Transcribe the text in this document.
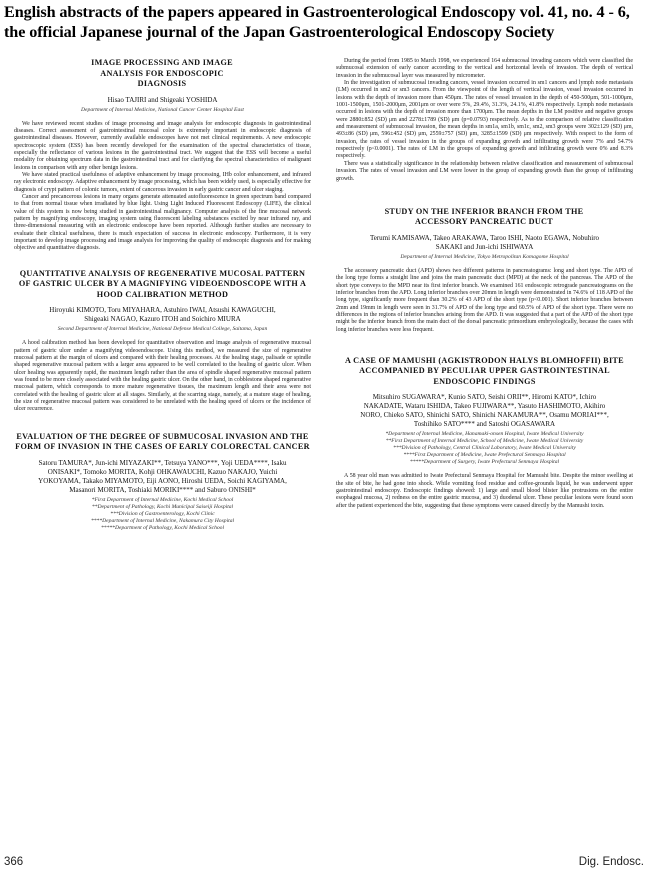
English abstracts of the papers appeared in Gastroenterological Endoscopy vol. 41, no. 4 - 6, the official Japanese journal of the Japan Gastroenterological Endoscopy Society
IMAGE PROCESSING AND IMAGE ANALYSIS FOR ENDOSCOPIC DIAGNOSIS
Hisao TAJIRI and Shigeaki YOSHIDA
Department of Internal Medicine, National Cancer Center Hospital East

We have reviewed recent studies of image processing and image analysis for endoscopic diagnosis in gastrointestinal diseases. Correct assessment of gastrointestinal mucosal color is extremely important in endoscopic diagnosis of gastrointestinal diseases. However, currently available endoscopes have not met clinical requirements. A new endoscopic spectroscopic system (ESS) has been recently developed for the examination of the spectral characteristics of tissue, especially the reflectance of various lesions in the gastrointestinal tract. We suggest that the ESS will become a useful modality for obtaining spectrum data in the gastrointestinal tract and for clarifying the spectral characteristics of malignant lesions in comparison with any other benign lesions.

We have stated practical usefulness of adaptive enhancement by image processing, IHb color enhancement, and infrared ray electronic endoscopy. Adaptive enhancement by image processing, which has been widely used, is especially effective for diagnosis of crypt pattern of colonic tumors, extent of cancerous invasion in early gastric cancer and ulcer staging.

Cancer and precancerous lesions in many organs generate attenuated autofluorescence in green spectrum band compared to that from normal tissue when irradiated by blue light. Using Light Induced Fluorescent Endoscopy (LIFE), the clinical value of this system is now being studied in gastrointestinal malignancy. Computer analysis of the fine mucosal network pattern by magnifying endoscopy, imaging system using fluorescent labeling substances excited by near infrared ray, and three-dimensional measuring with an electronic endoscope have been reported. Although further studies are necessary to evaluate their clinical usefulness, there is much expectation of success in electronic endoscopy. Furthermore, it is very important to develop image processing and image analysis for improving the quality of endoscopic diagnosis and for making objective and quantitative diagnosis.

QUANTITATIVE ANALYSIS OF REGENERATIVE MUCOSAL PATTERN OF GASTRIC ULCER BY A MAGNIFYING VIDEOENDOSCOPE WITH A HOOD CALIBRATION METHOD
Hiroyuki KIMOTO, Toru MIYAHARA, Astuhiro IWAI, Atsushi KAWAGUCHI, Shigeaki NAGAO, Kazuro ITOH and Soichiro MIURA
Second Department of Internal Medicine, National Defense Medical College, Saitama, Japan

A hood calibration method has been developed for quantitative observation and image analysis of regenerative mucosal pattern of gastric ulcer under a magnifying videoendoscope. Using this method, we measured the size of regenerative mucosal pattern at the margin of ulcers and compared with their healing processes. At the healing stage, palisade or spindle shaped regenerative mucosal pattern with a larger area appeared to be well correlated to the healing of gastric ulcer. When ulcer healing was apparently rapid, the maximum length rather than the area of spindle shaped regenerative mucosal pattern was found to be more closely associated with the healing gastric ulcer. On the other hand, in cobblestone shaped regenerative mucosal pattern, which corresponds to more mature regenerative tissues, the maximum length and their area were not correlated with the healing of gastric ulcer at all stages. Similarly, at the scarring stage, namely, at a mature stage of healing, the size of regenerative mucosal pattern was considered to be unrelated with the healing speed of ulcers or the incidence of ulcer recurrence.

EVALUATION OF THE DEGREE OF SUBMUCOSAL INVASION AND THE FORM OF INVASION IN THE CASES OF EARLY COLORECTAL CANCER
Satoru TAMURA*, Jun-ichi MIYAZAKI**, Tetsuya YANO***, Yoji UEDA****, Isaku ONISAKI*, Tomoko MORITA, Kohji OHKAWAUCHI, Kazuo NAKAJO, Yuichi YOKOYAMA, Takako MIYAMOTO, Eiji AONO, Hiroshi UEDA, Soichi KAGIYAMA, Masanori MORITA, Toshiaki MORIKI**** and Saburo ONISHI*
*First Department of Internal Medicine, Kochi Medical School
**Department of Pathology, Kochi Municipal Saiseiji Hospital
***Division of Gastroenterology, Kochi Clinic
****Department of Internal Medicine, Nakamura City Hospital
*****Department of Pathology, Kochi Medical School

During the period from 1985 to March 1998, we experienced 164 submucosal invading cancers which were classified the submucosal extension of early cancer according to the vertical and horizontal levels of invasion. The depth of vertical invasion in the submucosal layer was measured by micrometer.

In the investigation of submucosal invading cancers, vessel invasion occurred in sm1 cancers and lymph node metastasis (LM) occurred in sm2 or sm3 cancers. From the viewpoint of the length of vertical invasion, vessel invasion occurred in lesions with the depth of invasion more than 450μm. The rates of vessel invasion in the depth of 450-500μm, 501-1000μm, 1001-1500μm, 1501-2000μm, 2001μm or over were 5%, 29.4%, 31.3%, 24.1%, 41.8% respectively. Lymph node metastasis occurred in lesions with the depth of invasion more than 1700μm. The mean depths in the LM positive and negative groups were 2880±852 (SD) μm and 2278±1789 (SD) μm (p=0.0793) respectively. As to the comparison of relative classification and measurement of submucosal invasion, the mean depths in sm1a, sm1b, sm1c, sm2, sm3 groups were 302±129 (SD) μm, 493±86 (SD) μm, 596±452 (SD) μm, 2559±757 (SD) μm, 3285±1599 (SD) μm respectively. With respect to the form of invasion, the rates of vessel invasion in the groups of expanding growth and infiltrating growth were 7% and 54.7% respectively (p<0.0001). The rates of LM in the groups of expanding growth and infiltrating growth were 0% and 8.3% respectively.

There was a statistically significance in the relationship between relative classification and measurement of submucosal invasion. The rates of vessel invasion and LM were lower in the group of expanding growth than the group of infiltrating growth.

STUDY ON THE INFERIOR BRANCH FROM THE ACCESSORY PANCREATIC DUCT
Terumi KAMISAWA, Takeo ARAKAWA, Taroo ISHI, Naoto EGAWA, Nobuhiro SAKAKI and Jun-ichi ISHIWAYA
Department of Internal Medicine, Tokyo Metropolitan Komagome Hospital

The accessory pancreatic duct (APD) shows two different patterns in pancreatograms: long and short type. The APD of the long type forms a straight line and joins the main pancreatic duct (MPD) at the neck of the pancreas. The APD of the short type conveys to the MPD near its first inferior branch. We examined 161 endoscopic retrograde pancreatograms on the inferior branches from the APD. Long inferior branches over 20mm in length were demonstrated in 74.6% of 118 APD of the long type, significantly more frequent than 30.2% of 43 APD of the short type (p<0.001). Short inferior branches between 2mm and 19mm in length were seen in 31.7% of APD of the long type and 60.5% of APD of the short type. There were no differences in the regions of inferior branches arising from the APD. It was suggested that a part of the APD of the short type might be the inferior branch from the main duct of the dorsal pancreatic primordium embryologically, because the cases with long inferior branches were less frequent.

A CASE OF MAMUSHI (AGKISTRODON HALYS BLOMHOFFII) BITE ACCOMPANIED BY PECULIAR UPPER GASTROINTESTINAL ENDOSCOPIC FINDINGS
Mitsuhiro SUGAWARA*, Kunio SATO, Seishi ORII**, Hiromi KATO*, Ichiro NAKADATE, Wataru ISHIDA, Takeo FUJIWARA**, Yasuto HASHIMOTO, Akihiro NORO, Chieko SATO, Shinichi SATO, Shinichi NAKAMURA**, Osamu MORIAI***, Toshihiko SATO**** and Satoshi OGASAWARA
*Department of Internal Medicine, Hanamaki-onsen Hospital, Iwate Medical University
**First Department of Internal Medicine, School of Medicine, Iwate Medical University
***Division of Pathology, Central Clinical Laboratory, Iwate Medical University
****First Department of Medicine, Iwate Prefectural Senmaya Hospital
*****Department of Surgery, Iwate Prefectural Senmaya Hospital

A 58 year old man was admitted to Iwate Prefectural Senmaya Hospital for Mamushi bite. Despite the minor swelling at the site of bite, he had gone into shock. While vomiting food residue and coffee-grounds liquid, he was underwent upper gastrointestinal endoscopy. Endoscopic findings showed: 1) large and small blood blister like protrusions on the entire esophageal mucosa, 2) redness on the entire gastric mucosa, and 3) duodenal ulcer. These peculiar lesions were found soon after the patient experienced the bite, suggesting that these symptoms were caused directly by the Mamushi toxin.

366	Dig. Endosc.
